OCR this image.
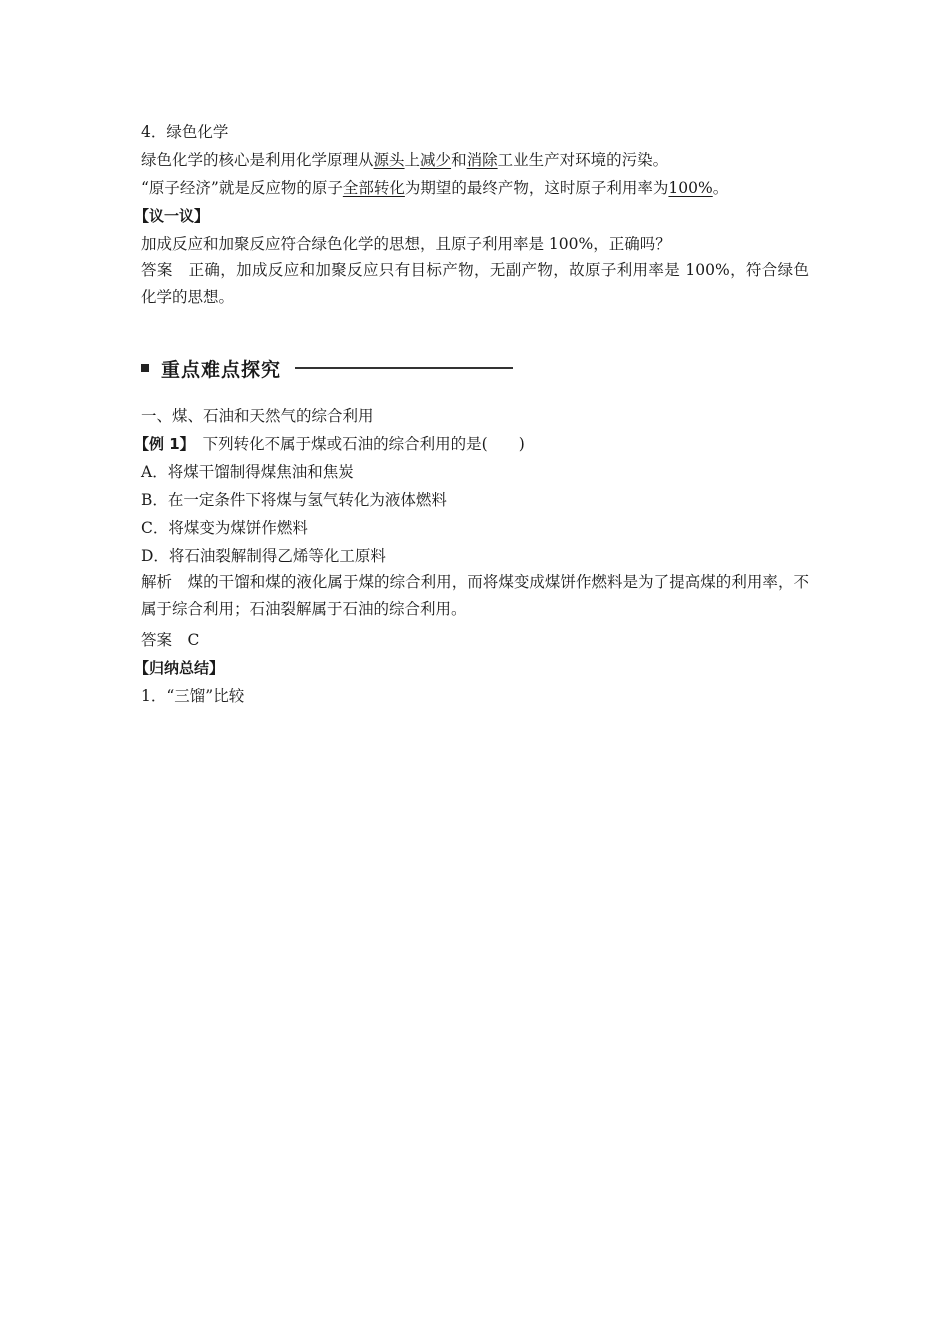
4．绿色化学
绿色化学的核心是利用化学原理从源头上减少和消除工业生产对环境的污染。
“原子经济”就是反应物的原子全部转化为期望的最终产物，这时原子利用率为100%。
【议一议】
加成反应和加聚反应符合绿色化学的思想，且原子利用率是 100%，正确吗？
答案　正确，加成反应和加聚反应只有目标产物，无副产物，故原子利用率是 100%，符合绿色化学的思想。
重点难点探究
一、煤、石油和天然气的综合利用
【例 1】　下列转化不属于煤或石油的综合利用的是(　　)
A．将煤干馏制得煤焦油和焦炭
B．在一定条件下将煤与氢气转化为液体燃料
C．将煤变为煤饼作燃料
D．将石油裂解制得乙烯等化工原料
解析　煤的干馏和煤的液化属于煤的综合利用，而将煤变成煤饼作燃料是为了提高煤的利用率，不属于综合利用；石油裂解属于石油的综合利用。
答案　C
【归纳总结】
1．“三馏”比较
